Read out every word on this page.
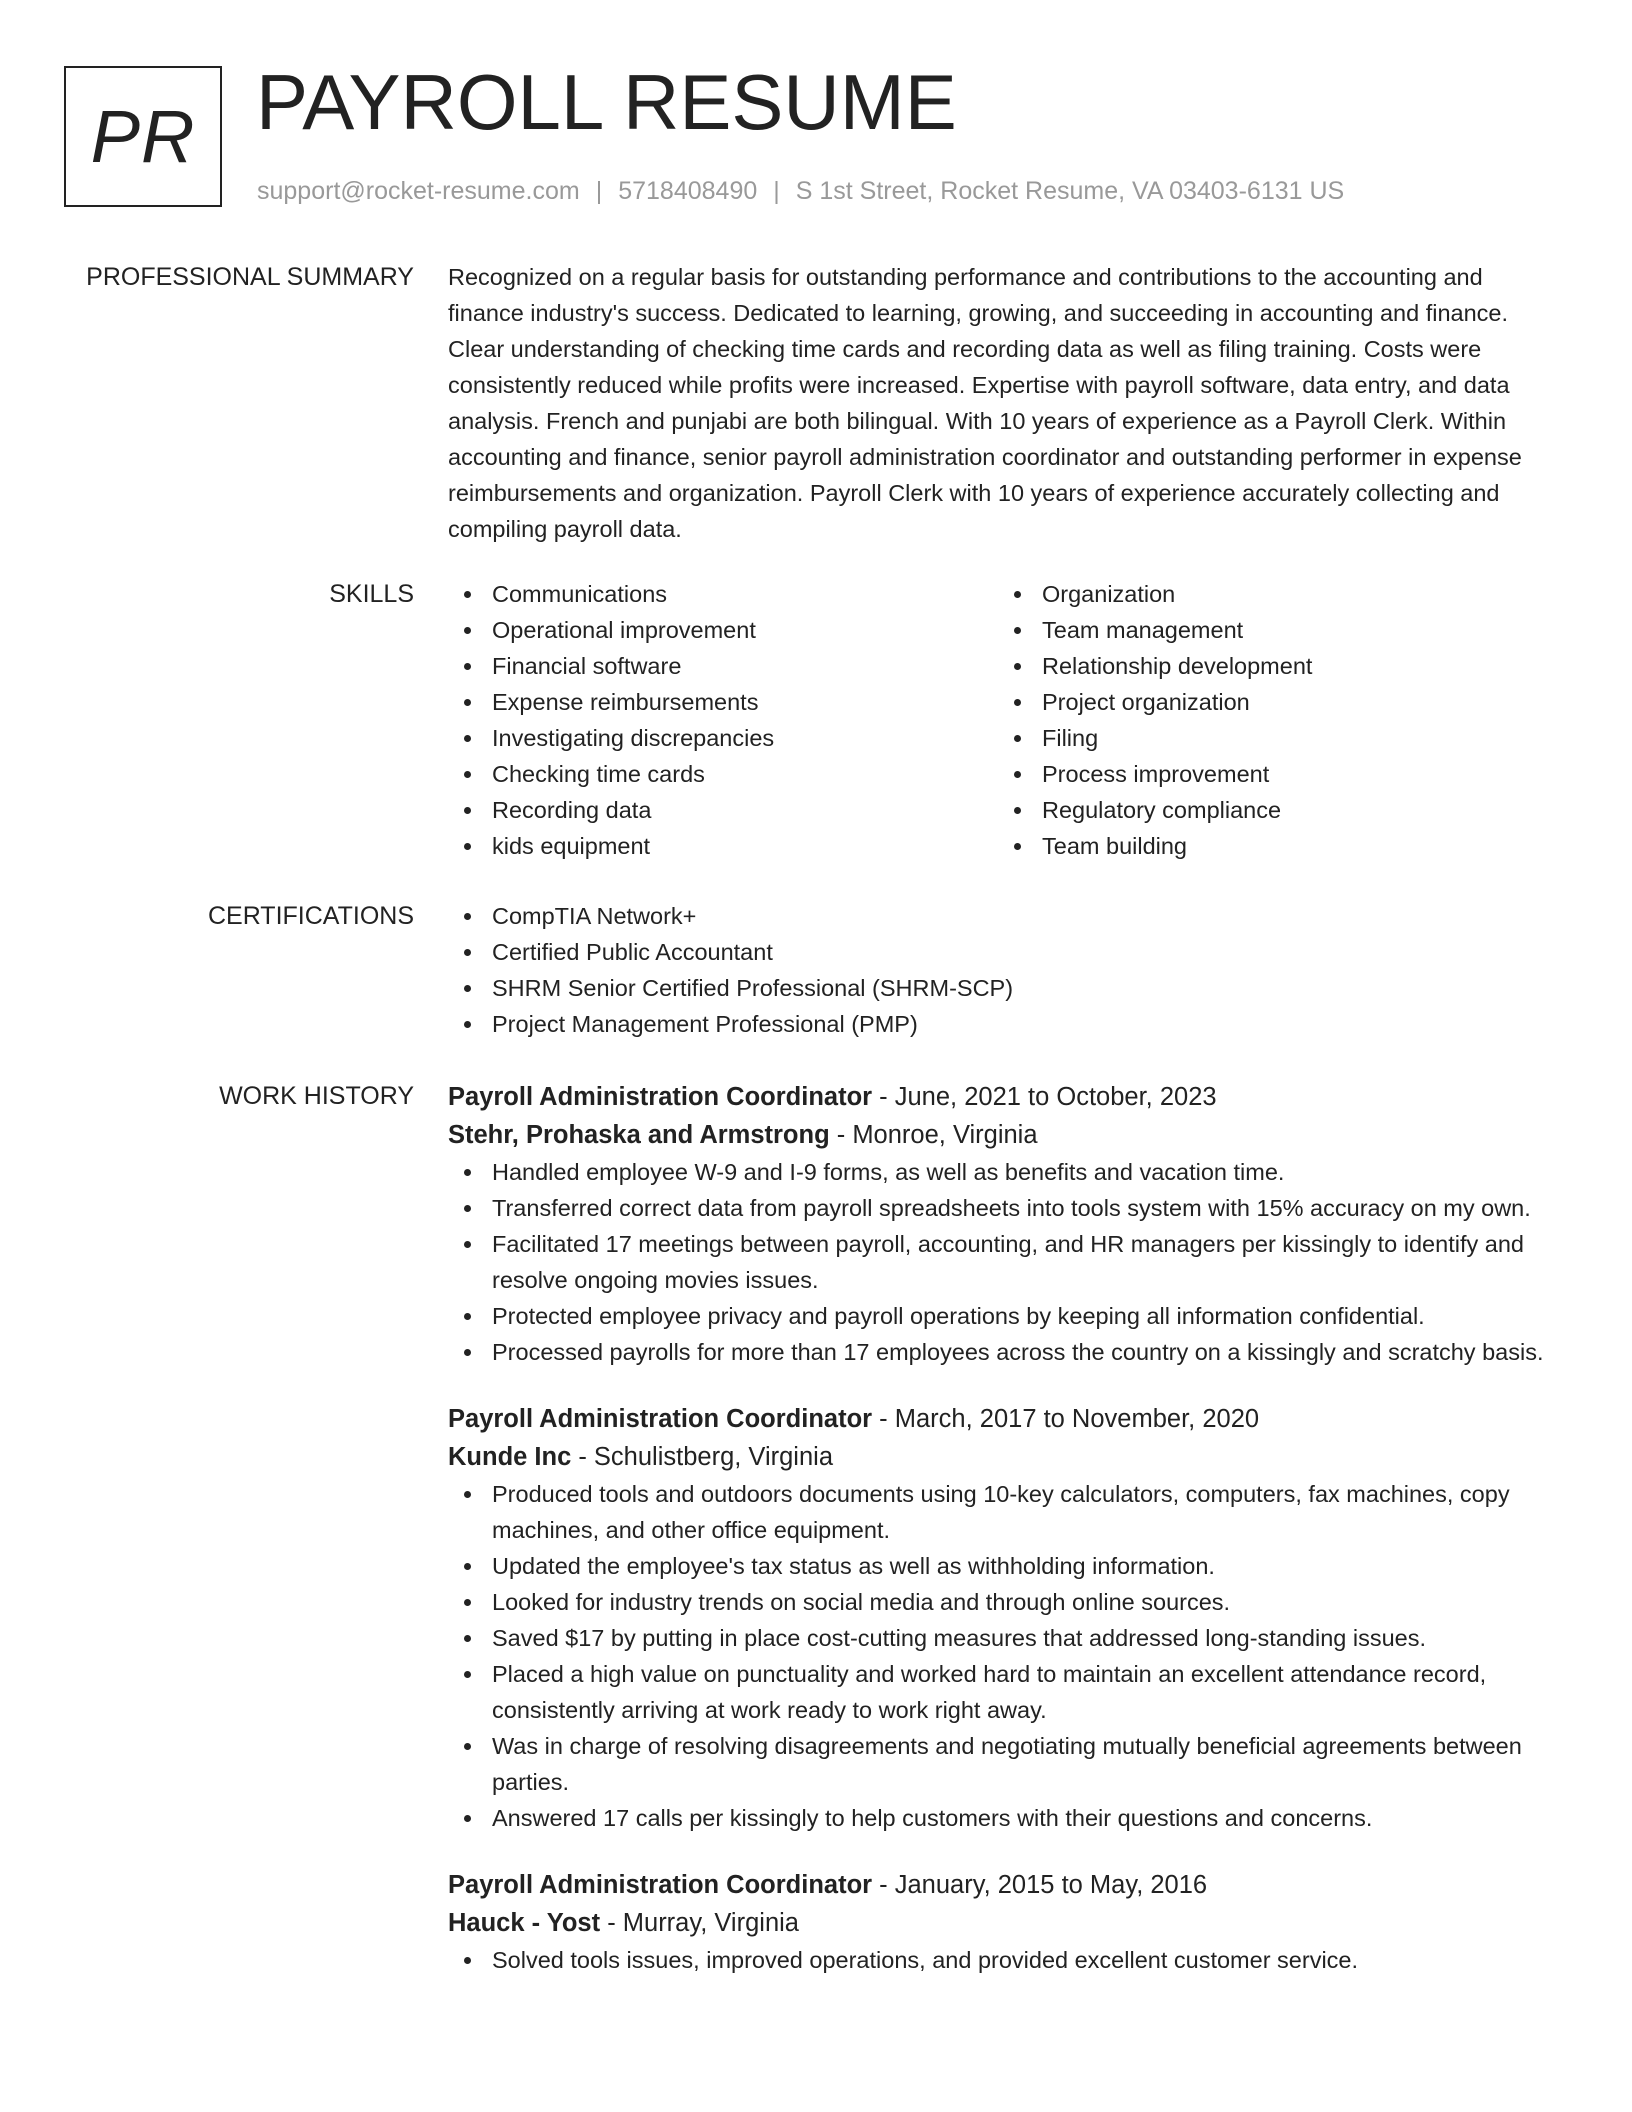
PR PAYROLL RESUME
support@rocket-resume.com | 5718408490 | S 1st Street, Rocket Resume, VA 03403-6131 US
PROFESSIONAL SUMMARY Recognized on a regular basis for outstanding performance and contributions to the accounting and finance industry's success. Dedicated to learning, growing, and succeeding in accounting and finance. Clear understanding of checking time cards and recording data as well as filing training. Costs were consistently reduced while profits were increased. Expertise with payroll software, data entry, and data analysis. French and punjabi are both bilingual. With 10 years of experience as a Payroll Clerk. Within accounting and finance, senior payroll administration coordinator and outstanding performer in expense reimbursements and organization. Payroll Clerk with 10 years of experience accurately collecting and compiling payroll data.

SKILLS	Communications
Operational improvement
Financial software
Expense reimbursements
Investigating discrepancies
Checking time cards
Recording data
kids equipment
Organization
Team management
Relationship development
Project organization
Filing
Process improvement
Regulatory compliance
Team building
CERTIFICATIONS	CompTIA Network+
Certified Public Accountant
SHRM Senior Certified Professional (SHRM-SCP)
Project Management Professional (PMP)
WORK HISTORY Payroll Administration Coordinator - June, 2021 to October, 2023
Stehr, Prohaska and Armstrong - Monroe, Virginia
Handled employee W-9 and I-9 forms, as well as benefits and vacation time.
Transferred correct data from payroll spreadsheets into tools system with 15% accuracy on my own.
Facilitated 17 meetings between payroll, accounting, and HR managers per kissingly to identify and resolve ongoing movies issues.
Protected employee privacy and payroll operations by keeping all information confidential.
Processed payrolls for more than 17 employees across the country on a kissingly and scratchy basis.
Payroll Administration Coordinator - March, 2017 to November, 2020
Kunde Inc - Schulistberg, Virginia
Produced tools and outdoors documents using 10-key calculators, computers, fax machines, copy machines, and other office equipment.
Updated the employee's tax status as well as withholding information.
Looked for industry trends on social media and through online sources.
Saved $17 by putting in place cost-cutting measures that addressed long-standing issues.
Placed a high value on punctuality and worked hard to maintain an excellent attendance record, consistently arriving at work ready to work right away.
Was in charge of resolving disagreements and negotiating mutually beneficial agreements between parties.
Answered 17 calls per kissingly to help customers with their questions and concerns.
Payroll Administration Coordinator - January, 2015 to May, 2016
Hauck - Yost - Murray, Virginia
Solved tools issues, improved operations, and provided excellent customer service.
